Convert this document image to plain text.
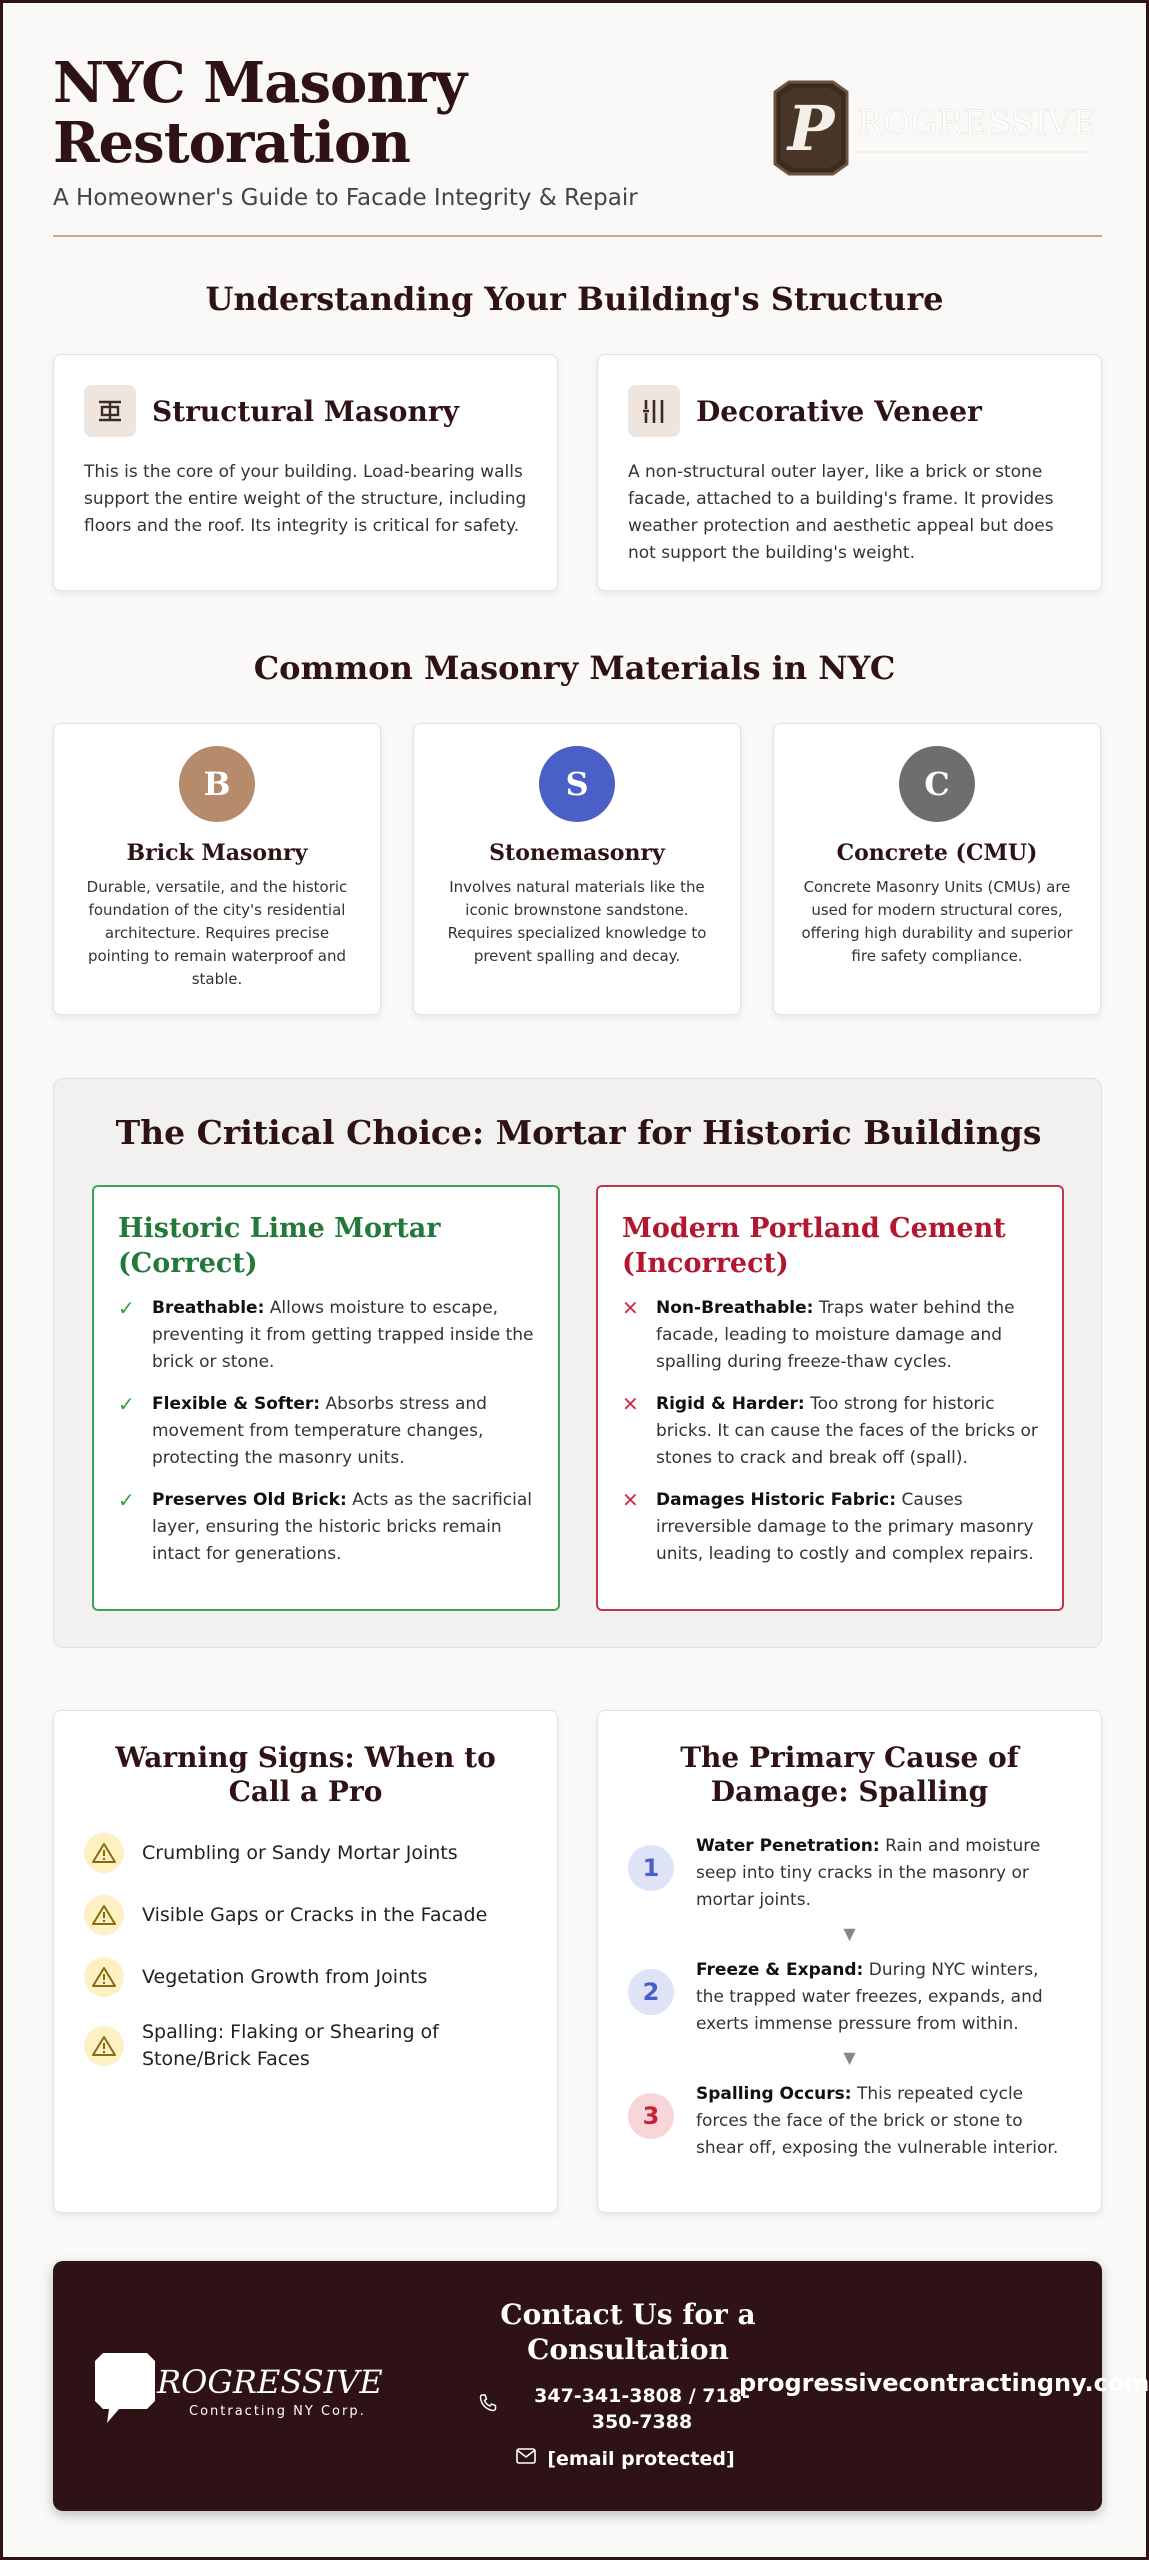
NYC Masonry
Restoration
A Homeowner's Guide to Facade Integrity & Repair
P ROGRESSIVE
Understanding Your Building's Structure
Structural Masonry
This is the core of your building. Load-bearing walls support the entire weight of the structure, including floors and the roof. Its integrity is critical for safety.
Decorative Veneer
A non-structural outer layer, like a brick or stone facade, attached to a building's frame. It provides weather protection and aesthetic appeal but does not support the building's weight.
Common Masonry Materials in NYC
B
Brick Masonry
Durable, versatile, and the historic foundation of the city's residential architecture. Requires precise pointing to remain waterproof and stable.
S
Stonemasonry
Involves natural materials like the iconic brownstone sandstone. Requires specialized knowledge to prevent spalling and decay.
C
Concrete (CMU)
Concrete Masonry Units (CMUs) are used for modern structural cores, offering high durability and superior fire safety compliance.
The Critical Choice: Mortar for Historic Buildings
Historic Lime Mortar (Correct)
✓	Breathable: Allows moisture to escape, preventing it from getting trapped inside the brick or stone.
✓	Flexible & Softer: Absorbs stress and movement from temperature changes, protecting the masonry units.
✓	Preserves Old Brick: Acts as the sacrificial layer, ensuring the historic bricks remain intact for generations.
Modern Portland Cement (Incorrect)
✕	Non-Breathable: Traps water behind the facade, leading to moisture damage and spalling during freeze-thaw cycles.
✕	Rigid & Harder: Too strong for historic bricks. It can cause the faces of the bricks or stones to crack and break off (spall).
✕	Damages Historic Fabric: Causes irreversible damage to the primary masonry units, leading to costly and complex repairs.
Warning Signs: When to Call a Pro
Crumbling or Sandy Mortar Joints
Visible Gaps or Cracks in the Facade
Vegetation Growth from Joints
Spalling: Flaking or Shearing of Stone/Brick Faces
The Primary Cause of Damage: Spalling
1
Water Penetration: Rain and moisture seep into tiny cracks in the masonry or mortar joints.
▼
2
Freeze & Expand: During NYC winters, the trapped water freezes, expands, and exerts immense pressure from within.
▼
3
Spalling Occurs: This repeated cycle forces the face of the brick or stone to shear off, exposing the vulnerable interior.
ROGRESSIVE
Contracting NY Corp.
Contact Us for a Consultation
347-341-3808 / 718-350-7388
[email protected]
progressivecontractingny.com
